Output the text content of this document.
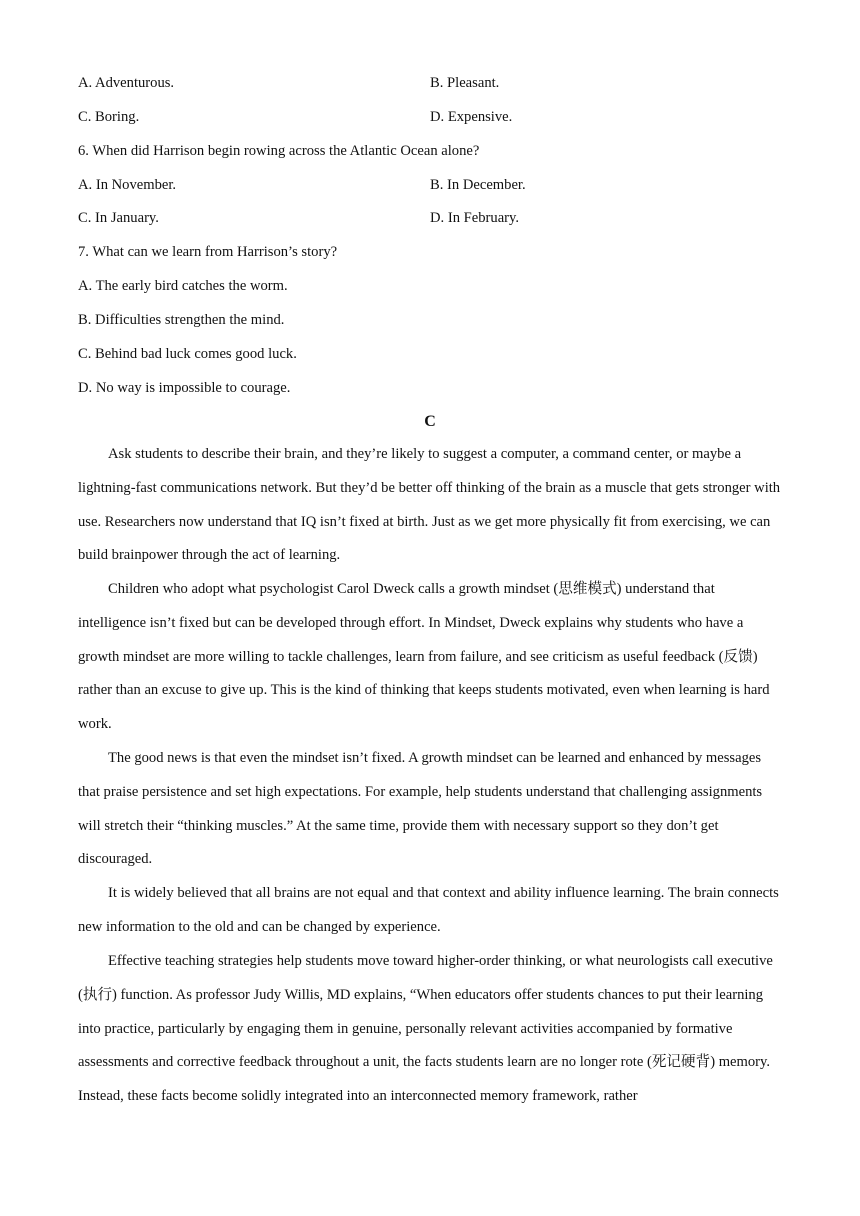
A. Adventurous.	B. Pleasant.
C. Boring.	D. Expensive.
6. When did Harrison begin rowing across the Atlantic Ocean alone?
A. In November.	B. In December.
C. In January.	D. In February.
7. What can we learn from Harrison’s story?
A. The early bird catches the worm.
B. Difficulties strengthen the mind.
C. Behind bad luck comes good luck.
D. No way is impossible to courage.
C

Ask students to describe their brain, and they’re likely to suggest a computer, a command center, or maybe a lightning-fast communications network. But they’d be better off thinking of the brain as a muscle that gets stronger with use. Researchers now understand that IQ isn’t fixed at birth. Just as we get more physically fit from exercising, we can build brainpower through the act of learning.

Children who adopt what psychologist Carol Dweck calls a growth mindset (思维模式) understand that intelligence isn’t fixed but can be developed through effort. In Mindset, Dweck explains why students who have a growth mindset are more willing to tackle challenges, learn from failure, and see criticism as useful feedback (反馈) rather than an excuse to give up. This is the kind of thinking that keeps students motivated, even when learning is hard work.

The good news is that even the mindset isn’t fixed. A growth mindset can be learned and enhanced by messages that praise persistence and set high expectations. For example, help students understand that challenging assignments will stretch their “thinking muscles.” At the same time, provide them with necessary support so they don’t get discouraged.

It is widely believed that all brains are not equal and that context and ability influence learning. The brain connects new information to the old and can be changed by experience.

Effective teaching strategies help students move toward higher-order thinking, or what neurologists call executive (执行) function. As professor Judy Willis, MD explains, “When educators offer students chances to put their learning into practice, particularly by engaging them in genuine, personally relevant activities accompanied by formative assessments and corrective feedback throughout a unit, the facts students learn are no longer rote (死记硬背) memory. Instead, these facts become solidly integrated into an interconnected memory framework, rather
